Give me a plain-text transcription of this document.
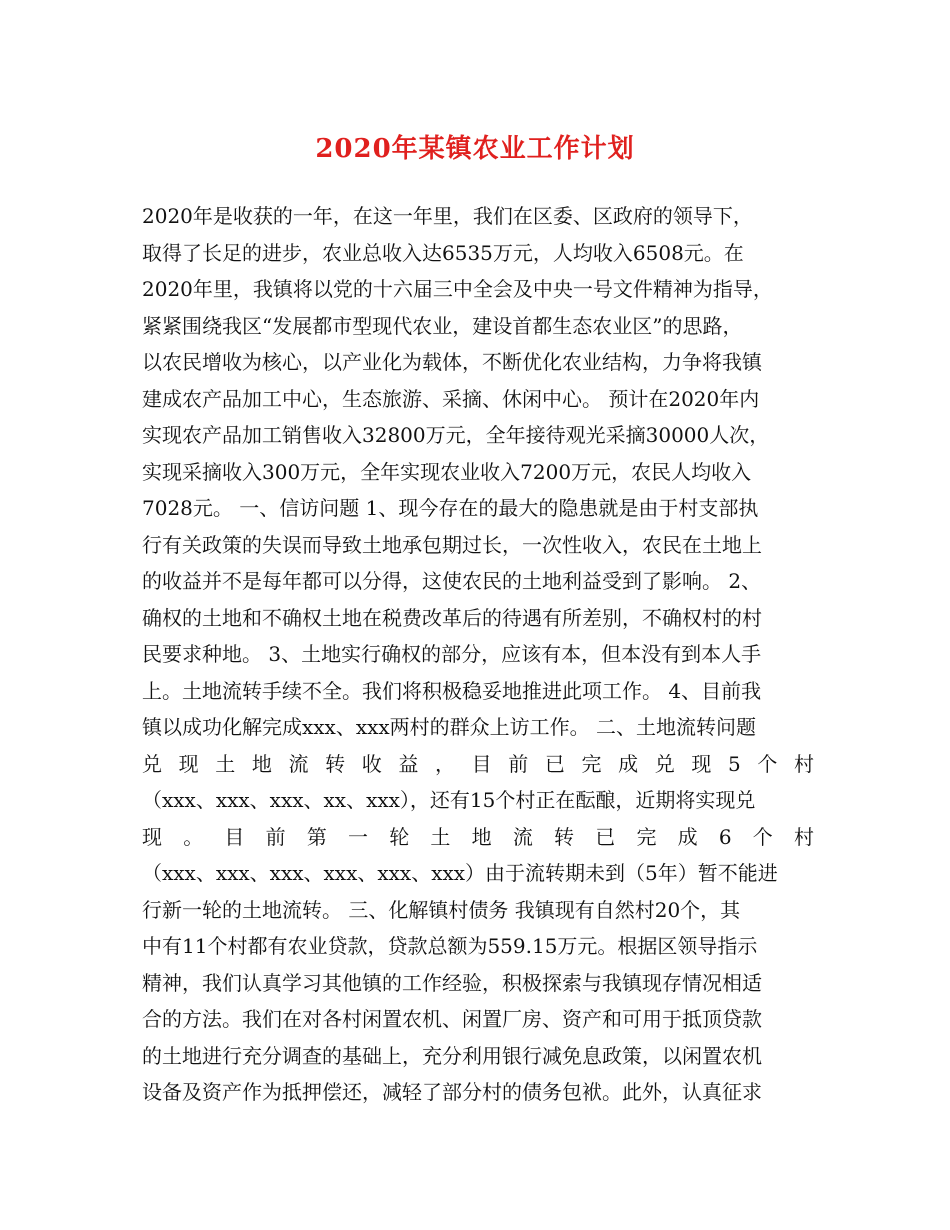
2020年某镇农业工作计划
2020年是收获的一年，在这一年里，我们在区委、区政府的领导下，
取得了长足的进步，农业总收入达6535万元，人均收入6508元。在
2020年里，我镇将以党的十六届三中全会及中央一号文件精神为指导，
紧紧围绕我区“发展都市型现代农业，建设首都生态农业区”的思路，
以农民增收为核心，以产业化为载体，不断优化农业结构，力争将我镇
建成农产品加工中心，生态旅游、采摘、休闲中心。 预计在2020年内
实现农产品加工销售收入32800万元，全年接待观光采摘30000人次，
实现采摘收入300万元，全年实现农业收入7200万元，农民人均收入
7028元。 一、信访问题 1、现今存在的最大的隐患就是由于村支部执
行有关政策的失误而导致土地承包期过长，一次性收入，农民在土地上
的收益并不是每年都可以分得，这使农民的土地利益受到了影响。 2、
确权的土地和不确权土地在税费改革后的待遇有所差别，不确权村的村
民要求种地。 3、土地实行确权的部分，应该有本，但本没有到本人手
上。土地流转手续不全。我们将积极稳妥地推进此项工作。 4、目前我
镇以成功化解完成xxx、xxx两村的群众上访工作。 二、土地流转问题
兑 现 土 地 流 转 收 益 ， 目 前 已 完 成 兑 现 5 个 村
（xxx、xxx、xxx、xx、xxx），还有15个村正在酝酿，近期将实现兑
现 。 目 前 第 一 轮 土 地 流 转 已 完 成 6 个 村
（xxx、xxx、xxx、xxx、xxx、xxx）由于流转期未到（5年）暂不能进
行新一轮的土地流转。 三、化解镇村债务 我镇现有自然村20个，其
中有11个村都有农业贷款，贷款总额为559.15万元。根据区领导指示
精神，我们认真学习其他镇的工作经验，积极探索与我镇现存情况相适
合的方法。我们在对各村闲置农机、闲置厂房、资产和可用于抵顶贷款
的土地进行充分调查的基础上，充分利用银行减免息政策，以闲置农机
设备及资产作为抵押偿还，减轻了部分村的债务包袱。此外，认真征求
